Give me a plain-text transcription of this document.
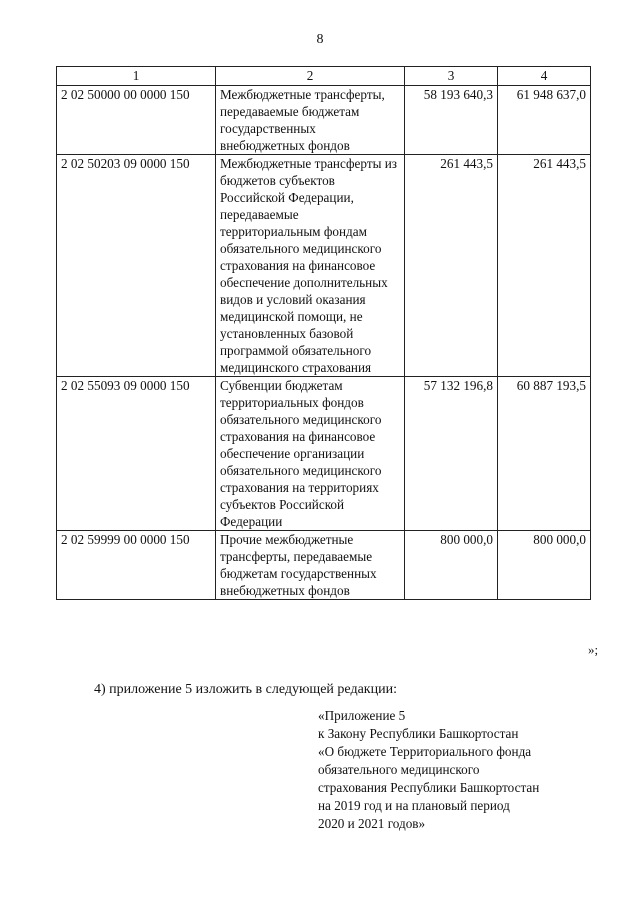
8
1	2	3	4
2 02 50000 00 0000 150	Межбюджетные трансферты, передаваемые бюджетам государственных внебюджетных фондов	58 193 640,3	61 948 637,0
2 02 50203 09 0000 150	Межбюджетные трансферты из бюджетов субъектов Российской Федерации, передаваемые территориальным фондам обязательного медицинского страхования на финансовое обеспечение дополнительных видов и условий оказания медицинской помощи, не установленных базовой программой обязательного медицинского страхования	261 443,5	261 443,5
2 02 55093 09 0000 150	Субвенции бюджетам территориальных фондов обязательного медицинского страхования на финансовое обеспечение организации обязательного медицинского страхования на территориях субъектов Российской Федерации	57 132 196,8	60 887 193,5
2 02 59999 00 0000 150	Прочие межбюджетные трансферты, передаваемые бюджетам государственных внебюджетных фондов	800 000,0	800 000,0
»;
4) приложение 5 изложить в следующей редакции:
«Приложение 5
к Закону Республики Башкортостан
«О бюджете Территориального фонда
обязательного медицинского
страхования Республики Башкортостан
на 2019 год и на плановый период
2020 и 2021 годов»
